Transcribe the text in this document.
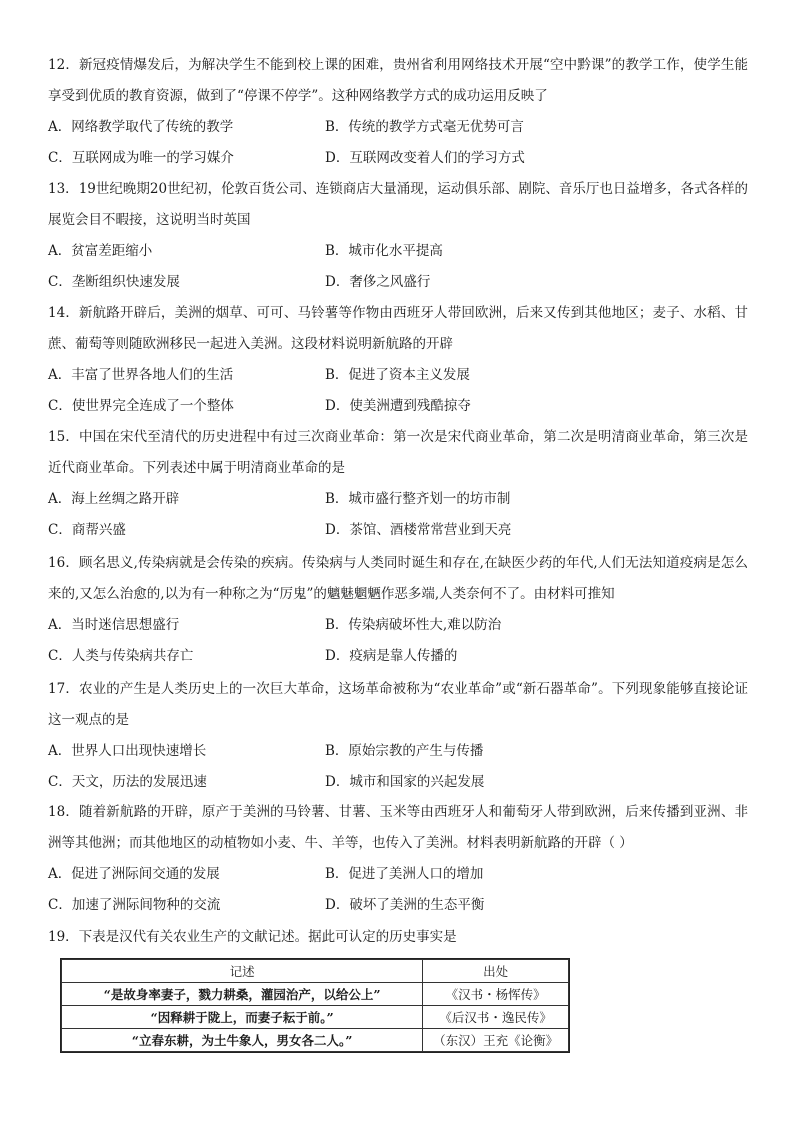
12．新冠疫情爆发后，为解决学生不能到校上课的困难，贵州省利用网络技术开展“空中黔课”的教学工作，使学生能享受到优质的教育资源，做到了“停课不停学”。这种网络教学方式的成功运用反映了
A．网络教学取代了传统的教学	B．传统的教学方式毫无优势可言
C．互联网成为唯一的学习媒介	D．互联网改变着人们的学习方式
13．19世纪晚期20世纪初，伦敦百货公司、连锁商店大量涌现，运动俱乐部、剧院、音乐厅也日益增多，各式各样的展览会目不暇接，这说明当时英国
A．贫富差距缩小	B．城市化水平提高
C．垄断组织快速发展	D．奢侈之风盛行
14．新航路开辟后，美洲的烟草、可可、马铃薯等作物由西班牙人带回欧洲，后来又传到其他地区；麦子、水稻、甘蔗、葡萄等则随欧洲移民一起进入美洲。这段材料说明新航路的开辟
A．丰富了世界各地人们的生活	B．促进了资本主义发展
C．使世界完全连成了一个整体	D．使美洲遭到残酷掠夺
15．中国在宋代至清代的历史进程中有过三次商业革命：第一次是宋代商业革命，第二次是明清商业革命，第三次是近代商业革命。下列表述中属于明清商业革命的是
A．海上丝绸之路开辟	B．城市盛行整齐划一的坊市制
C．商帮兴盛	D．茶馆、酒楼常常营业到天亮
16．顾名思义,传染病就是会传染的疾病。传染病与人类同时诞生和存在,在缺医少药的年代,人们无法知道疫病是怎么来的,又怎么治愈的,以为有一种称之为“厉鬼”的魑魅魍魉作恶多端,人类奈何不了。由材料可推知
A．当时迷信思想盛行	B．传染病破坏性大,难以防治
C．人类与传染病共存亡	D．疫病是靠人传播的
17．农业的产生是人类历史上的一次巨大革命，这场革命被称为“农业革命”或“新石器革命”。下列现象能够直接论证这一观点的是
A．世界人口出现快速增长	B．原始宗教的产生与传播
C．天文，历法的发展迅速	D．城市和国家的兴起发展
18．随着新航路的开辟，原产于美洲的马铃薯、甘薯、玉米等由西班牙人和葡萄牙人带到欧洲，后来传播到亚洲、非洲等其他洲；而其他地区的动植物如小麦、牛、羊等，也传入了美洲。材料表明新航路的开辟（ ）
A．促进了洲际间交通的发展	B．促进了美洲人口的增加
C．加速了洲际间物种的交流	D．破坏了美洲的生态平衡
19．下表是汉代有关农业生产的文献记述。据此可认定的历史事实是
记述	出处
“是故身率妻子，戮力耕桑，灌园治产，以给公上”	《汉书・杨恽传》
“因释耕于陇上，而妻子耘于前。”	《后汉书・逸民传》
“立春东耕，为土牛象人，男女各二人。”	（东汉）王充《论衡》
